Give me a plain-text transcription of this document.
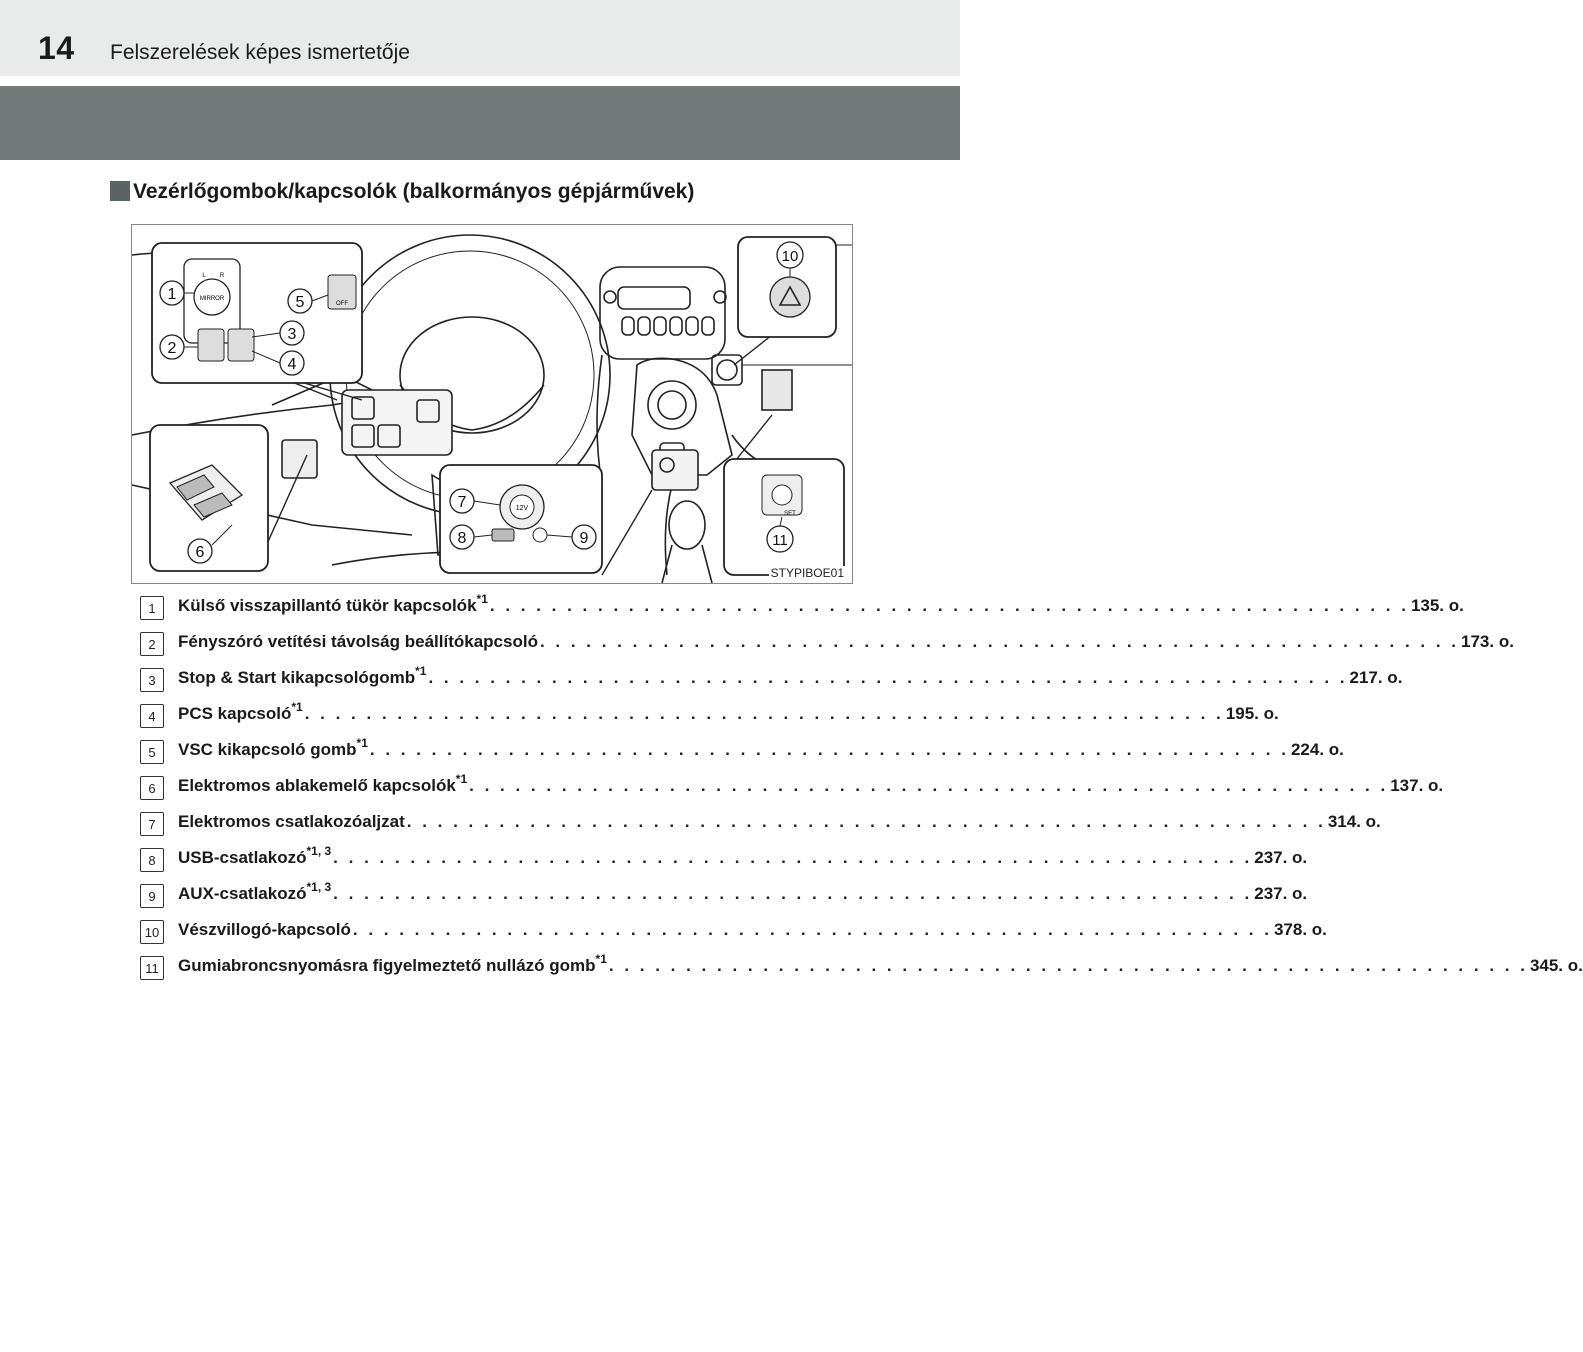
14 Felszerelések képes ismertetője
Vezérlőgombok/kapcsolók (balkormányos gépjárművek)
MIRROR
L R
OFF
12V
SET
1
2
3
4
5
6
7
8	9
10
11
STYPIBOE01
1	Külső visszapillantó tükör kapcsolók$^{*1}$ . . . . . . . . . . . . . . . . . . . . . . . . . . . . . . . . . . . . . . . . . . . . . . . . . . . . . . . . . . . . 135. o.
2	Fényszóró vetítési távolság beállítókapcsoló . . . . . . . . . . . . . . . . . . . . . . . . . . . . . . . . . . . . . . . . . . . . . . . . . . . . . . . . . . . . 173. o.
3	Stop & Start kikapcsológomb$^{*1}$ . . . . . . . . . . . . . . . . . . . . . . . . . . . . . . . . . . . . . . . . . . . . . . . . . . . . . . . . . . . . 217. o.
4	PCS kapcsoló$^{*1}$ . . . . . . . . . . . . . . . . . . . . . . . . . . . . . . . . . . . . . . . . . . . . . . . . . . . . . . . . . . . . 195. o.
5	VSC kikapcsoló gomb$^{*1}$ . . . . . . . . . . . . . . . . . . . . . . . . . . . . . . . . . . . . . . . . . . . . . . . . . . . . . . . . . . . . 224. o.
6	Elektromos ablakemelő kapcsolók$^{*1}$ . . . . . . . . . . . . . . . . . . . . . . . . . . . . . . . . . . . . . . . . . . . . . . . . . . . . . . . . . . . . 137. o.
7	Elektromos csatlakozóaljzat . . . . . . . . . . . . . . . . . . . . . . . . . . . . . . . . . . . . . . . . . . . . . . . . . . . . . . . . . . . . 314. o.
8	USB-csatlakozó$^{*1, 3}$ . . . . . . . . . . . . . . . . . . . . . . . . . . . . . . . . . . . . . . . . . . . . . . . . . . . . . . . . . . . . 237. o.
9	AUX-csatlakozó$^{*1, 3}$ . . . . . . . . . . . . . . . . . . . . . . . . . . . . . . . . . . . . . . . . . . . . . . . . . . . . . . . . . . . . 237. o.
10 Vészvillogó-kapcsoló . . . . . . . . . . . . . . . . . . . . . . . . . . . . . . . . . . . . . . . . . . . . . . . . . . . . . . . . . . . . 378. o.
11	Gumiabroncsnyomásra figyelmeztető nullázó gomb$^{*1}$ . . . . . . . . . . . . . . . . . . . . . . . . . . . . . . . . . . . . . . . . . . . . . . . . . . . . . . . . . . . . 345. o.
